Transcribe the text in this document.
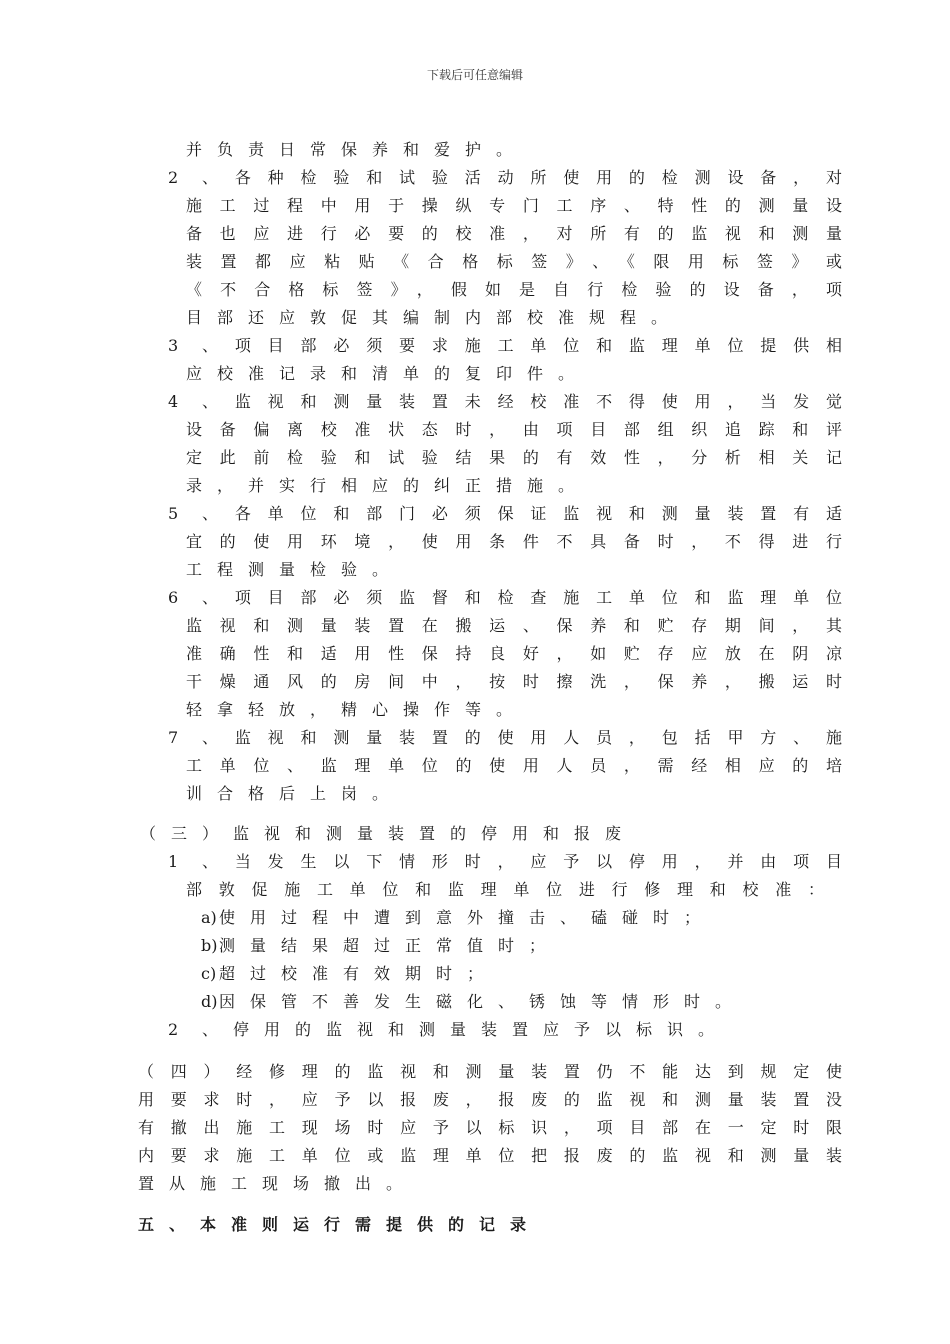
下载后可任意编辑
并负责日常保养和爱护。
2 、各种检验和试验活动所使用的检测设备，对
施工过程中用于操纵专门工序、特性的测量设
备也应进行必要的校准，对所有的监视和测量
装置都应粘贴《合格标签》、《限用标签》或
《不合格标签》，假如是自行检验的设备，项
目部还应敦促其编制内部校准规程。
3 、项目部必须要求施工单位和监理单位提供相
应校准记录和清单的复印件。
4 、监视和测量装置未经校准不得使用，当发觉
设备偏离校准状态时，由项目部组织追踪和评
定此前检验和试验结果的有效性，分析相关记
录，并实行相应的纠正措施。
5 、各单位和部门必须保证监视和测量装置有适
宜的使用环境，使用条件不具备时，不得进行
工程测量检验。
6 、项目部必须监督和检查施工单位和监理单位
监视和测量装置在搬运、保养和贮存期间，其
准确性和适用性保持良好，如贮存应放在阴凉
干燥通风的房间中，按时擦洗，保养，搬运时
轻拿轻放，精心操作等。
7 、监视和测量装置的使用人员，包括甲方、施
工单位、监理单位的使用人员，需经相应的培
训合格后上岗。
（三）监视和测量装置的停用和报废
1 、当发生以下情形时，应予以停用，并由项目
部敦促施工单位和监理单位进行修理和校准：
a) 使用过程中遭到意外撞击、磕碰时；
b) 测量结果超过正常值时；
c) 超过校准有效期时；
d) 因保管不善发生磁化、锈蚀等情形时。
2 、停用的监视和测量装置应予以标识。
（四）经修理的监视和测量装置仍不能达到规定使
用要求时，应予以报废，报废的监视和测量装置没
有撤出施工现场时应予以标识，项目部在一定时限
内要求施工单位或监理单位把报废的监视和测量装
置从施工现场撤出。
五、本准则运行需提供的记录
